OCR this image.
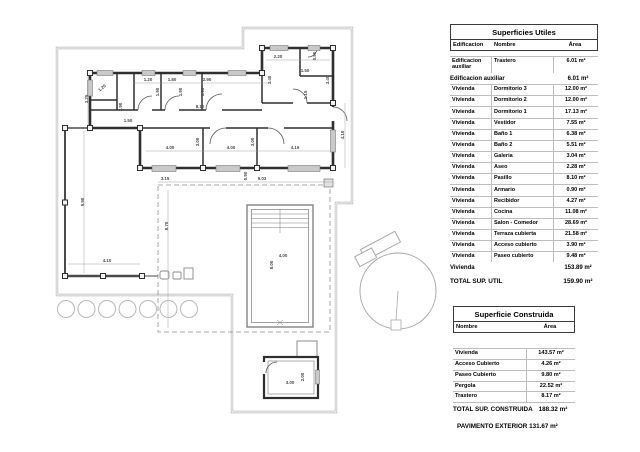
3.25
1.20
2.90
1.50
1.20	1.80	2.90
1.90	1.90	1.90
2.20	0.90
3.40
1.50
3.40
1.15
8.10
4.00
3.00
4.00
3.00
4.15
4.10
3.15	0.90 9.03
9.90
8.70
4.10
4.00
8.00
3.00
2.00
Superficies Utiles
Edificacion	Nombre	Área
Edificacion auxiliar
Trastero	6.01 m²
Edificacion auxiliar	6.01 m²
Vivienda	Dormitorio 3	12.00 m²
Vivienda	Dormitorio 2	12.00 m²
Vivienda	Dormitorio 1	17.13 m²
Vivienda	Vestidor	7.55 m²
Vivienda	Baño 1	6.38 m²
Vivienda	Baño 2	5.51 m²
Vivienda	Galeria	3.04 m²
Vivienda	Aseo	2.28 m²
Vivienda	Pasillo	8.10 m²
Vivienda	Armario	0.90 m²
Vivienda	Recibidor	4.27 m²
Vivienda	Cocina	11.08 m²
Vivienda	Salon - Comedor	28.69 m²
Vivienda	Terraza cubierta	21.58 m²
Vivienda	Acceso cubierto	3.90 m²
Vivienda	Paseo cubierto	9.48 m²
Vivienda	153.89 m²
TOTAL SUP. UTIL	159.90 m²
Superficie Construida
Nombre	Área
Vivienda	143.57 m²
Acceso Cubierto	4.26 m²
Paseo Cubierto	9.80 m²
Pergola	22.52 m²
Trastero	8.17 m²
TOTAL SUP. CONSTRUIDA 188.32 m²
PAVIMENTO EXTERIOR 131.67 m²
